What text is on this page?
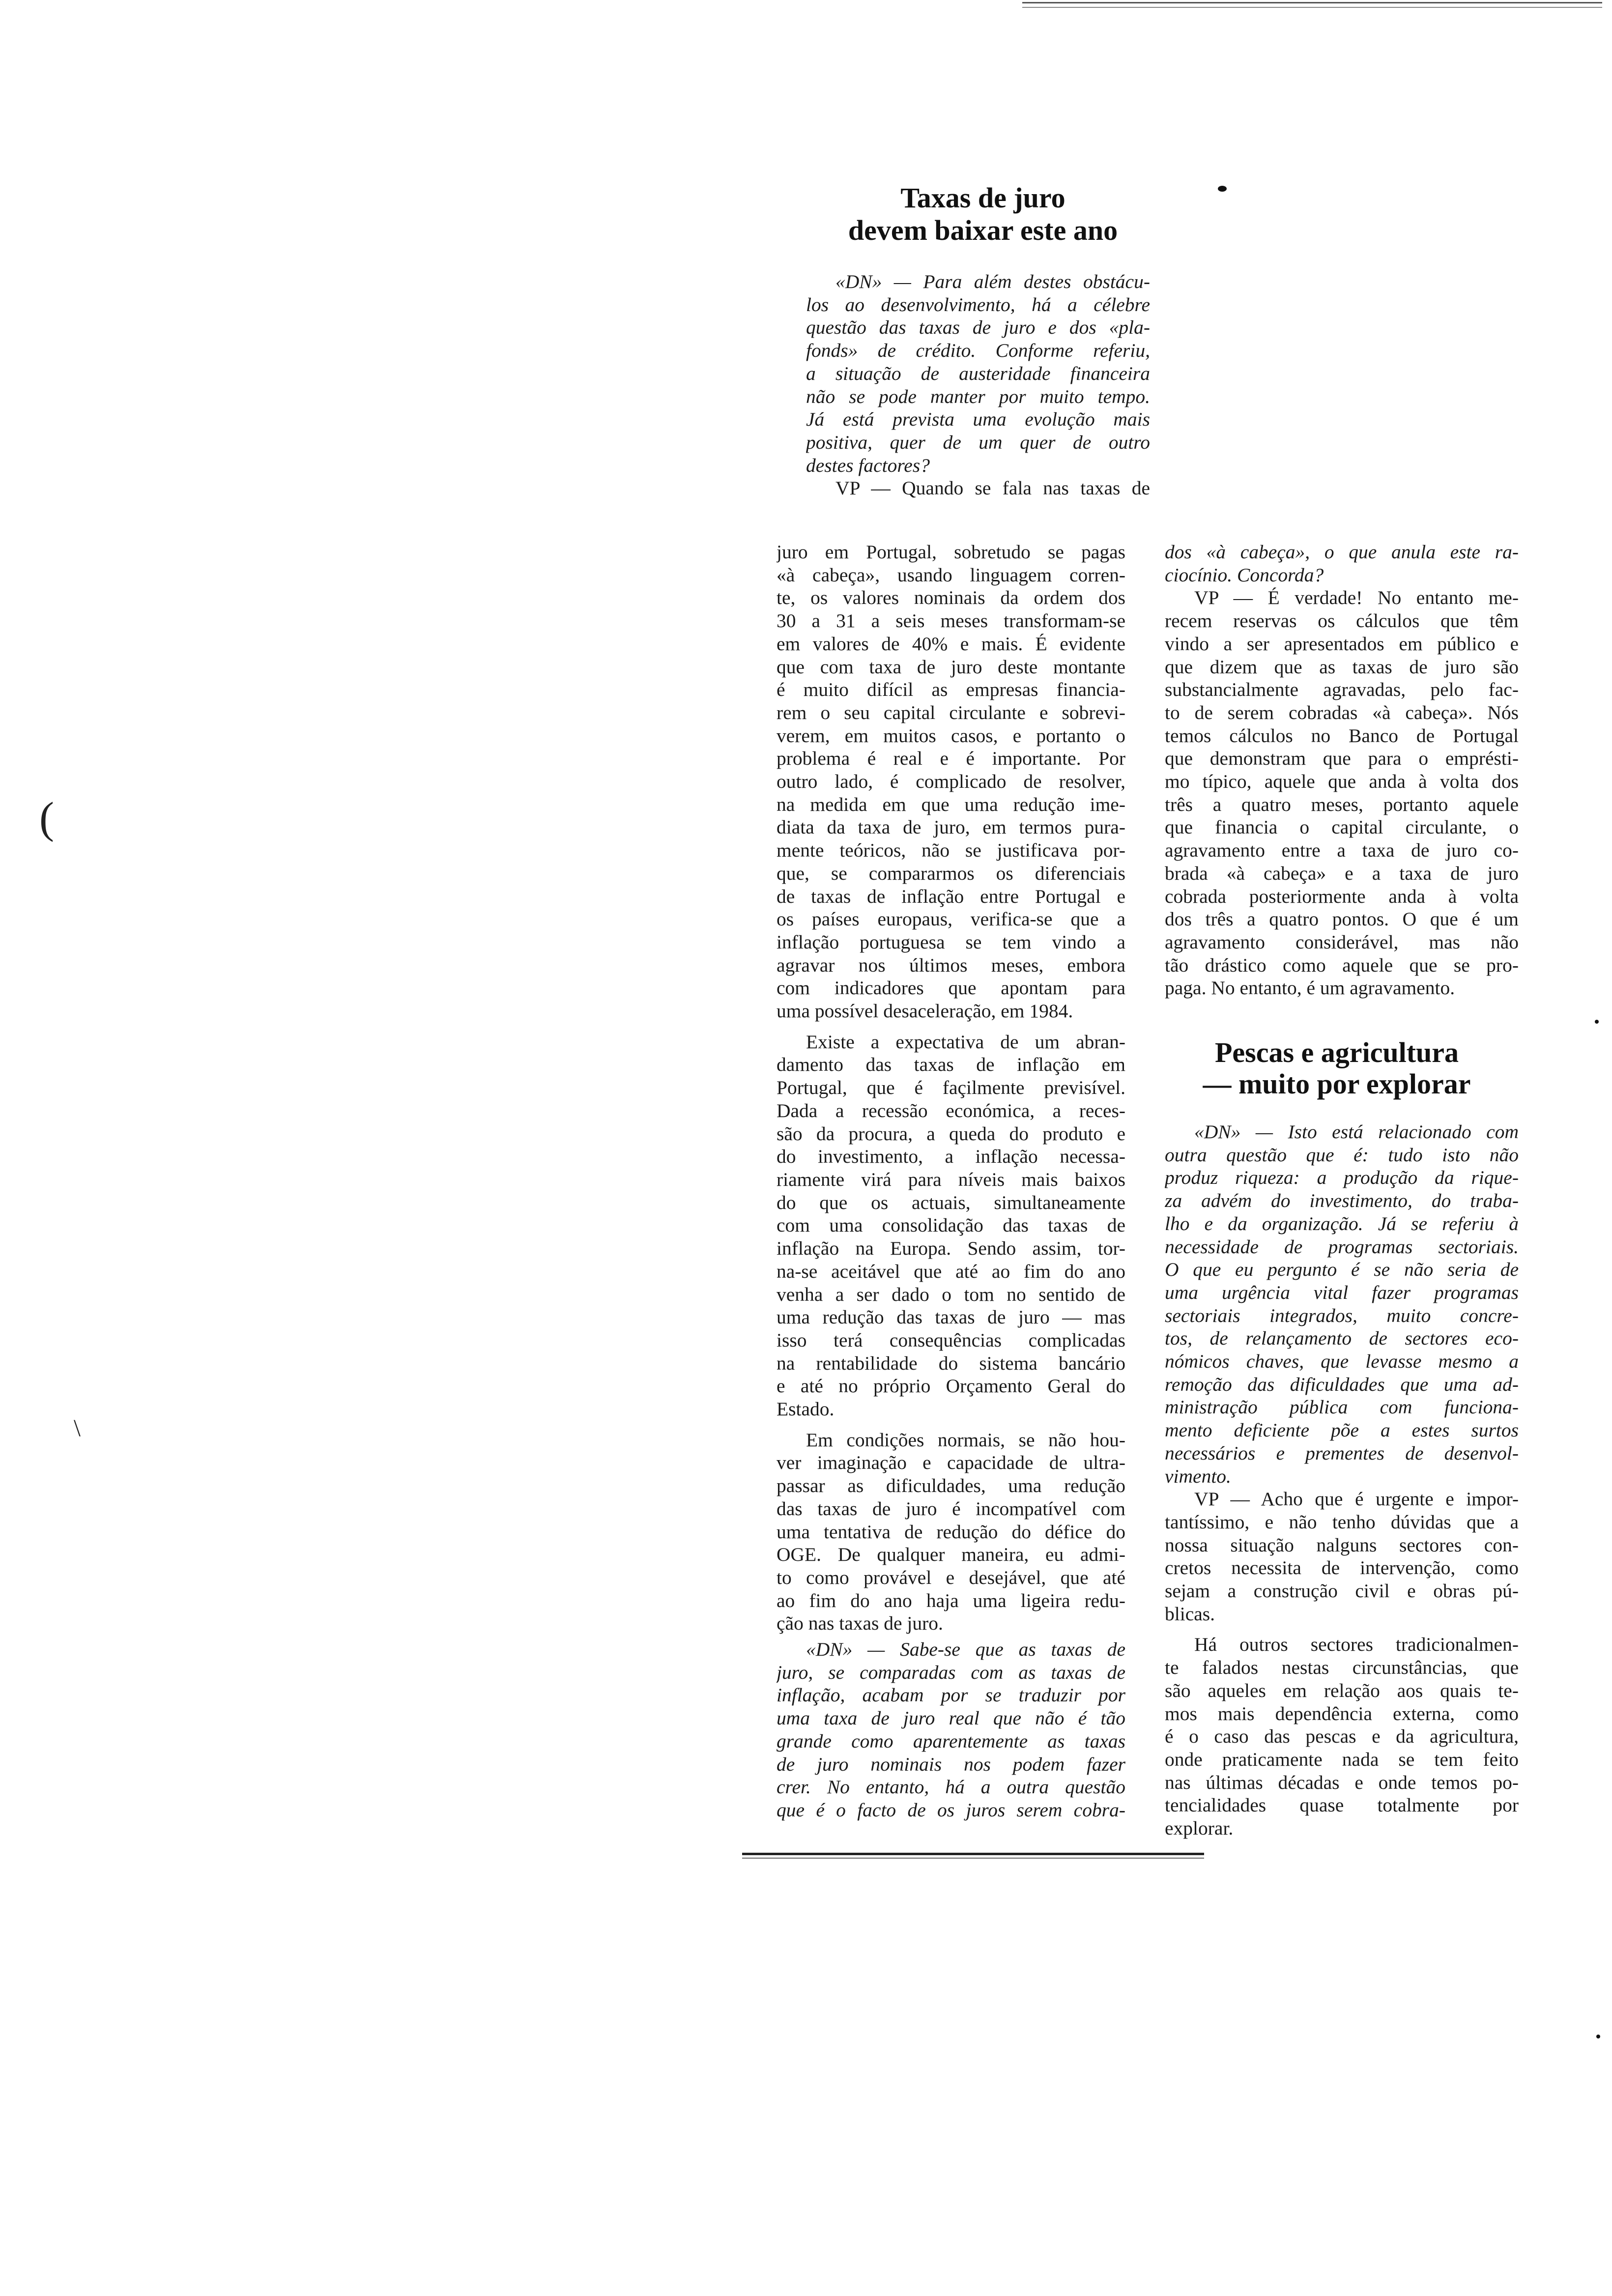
(
\
Taxas de juro
devem baixar este ano
«DN» — Para além destes obstácu-
los ao desenvolvimento, há a célebre
questão das taxas de juro e dos «pla-
fonds» de crédito. Conforme referiu,
a situação de austeridade financeira
não se pode manter por muito tempo.
Já está prevista uma evolução mais
positiva, quer de um quer de outro
destes factores?
VP — Quando se fala nas taxas de
juro em Portugal, sobretudo se pagas
«à cabeça», usando linguagem corren-
te, os valores nominais da ordem dos
30 a 31 a seis meses transformam-se
em valores de 40% e mais. É evidente
que com taxa de juro deste montante
é muito difícil as empresas financia-
rem o seu capital circulante e sobrevi-
verem, em muitos casos, e portanto o
problema é real e é importante. Por
outro lado, é complicado de resolver,
na medida em que uma redução ime-
diata da taxa de juro, em termos pura-
mente teóricos, não se justificava por-
que, se compararmos os diferenciais
de taxas de inflação entre Portugal e
os países europaus, verifica-se que a
inflação portuguesa se tem vindo a
agravar nos últimos meses, embora
com indicadores que apontam para
uma possível desaceleração, em 1984.
Existe a expectativa de um abran-
damento das taxas de inflação em
Portugal, que é façilmente previsível.
Dada a recessão económica, a reces-
são da procura, a queda do produto e
do investimento, a inflação necessa-
riamente virá para níveis mais baixos
do que os actuais, simultaneamente
com uma consolidação das taxas de
inflação na Europa. Sendo assim, tor-
na-se aceitável que até ao fim do ano
venha a ser dado o tom no sentido de
uma redução das taxas de juro — mas
isso terá consequências complicadas
na rentabilidade do sistema bancário
e até no próprio Orçamento Geral do
Estado.
Em condições normais, se não hou-
ver imaginação e capacidade de ultra-
passar as dificuldades, uma redução
das taxas de juro é incompatível com
uma tentativa de redução do défice do
OGE. De qualquer maneira, eu admi-
to como provável e desejável, que até
ao fim do ano haja uma ligeira redu-
ção nas taxas de juro.
«DN» — Sabe-se que as taxas de
juro, se comparadas com as taxas de
inflação, acabam por se traduzir por
uma taxa de juro real que não é tão
grande como aparentemente as taxas
de juro nominais nos podem fazer
crer. No entanto, há a outra questão
que é o facto de os juros serem cobra-
dos «à cabeça», o que anula este ra-
ciocínio. Concorda?
VP — É verdade! No entanto me-
recem reservas os cálculos que têm
vindo a ser apresentados em público e
que dizem que as taxas de juro são
substancialmente agravadas, pelo fac-
to de serem cobradas «à cabeça». Nós
temos cálculos no Banco de Portugal
que demonstram que para o emprésti-
mo típico, aquele que anda à volta dos
três a quatro meses, portanto aquele
que financia o capital circulante, o
agravamento entre a taxa de juro co-
brada «à cabeça» e a taxa de juro
cobrada posteriormente anda à volta
dos três a quatro pontos. O que é um
agravamento considerável, mas não
tão drástico como aquele que se pro-
paga. No entanto, é um agravamento.
Pescas e agricultura
— muito por explorar
«DN» — Isto está relacionado com
outra questão que é: tudo isto não
produz riqueza: a produção da rique-
za advém do investimento, do traba-
lho e da organização. Já se referiu à
necessidade de programas sectoriais.
O que eu pergunto é se não seria de
uma urgência vital fazer programas
sectoriais integrados, muito concre-
tos, de relançamento de sectores eco-
nómicos chaves, que levasse mesmo a
remoção das dificuldades que uma ad-
ministração pública com funciona-
mento deficiente põe a estes surtos
necessários e prementes de desenvol-
vimento.
VP — Acho que é urgente e impor-
tantíssimo, e não tenho dúvidas que a
nossa situação nalguns sectores con-
cretos necessita de intervenção, como
sejam a construção civil e obras pú-
blicas.
Há outros sectores tradicionalmen-
te falados nestas circunstâncias, que
são aqueles em relação aos quais te-
mos mais dependência externa, como
é o caso das pescas e da agricultura,
onde praticamente nada se tem feito
nas últimas décadas e onde temos po-
tencialidades quase totalmente por
explorar.
